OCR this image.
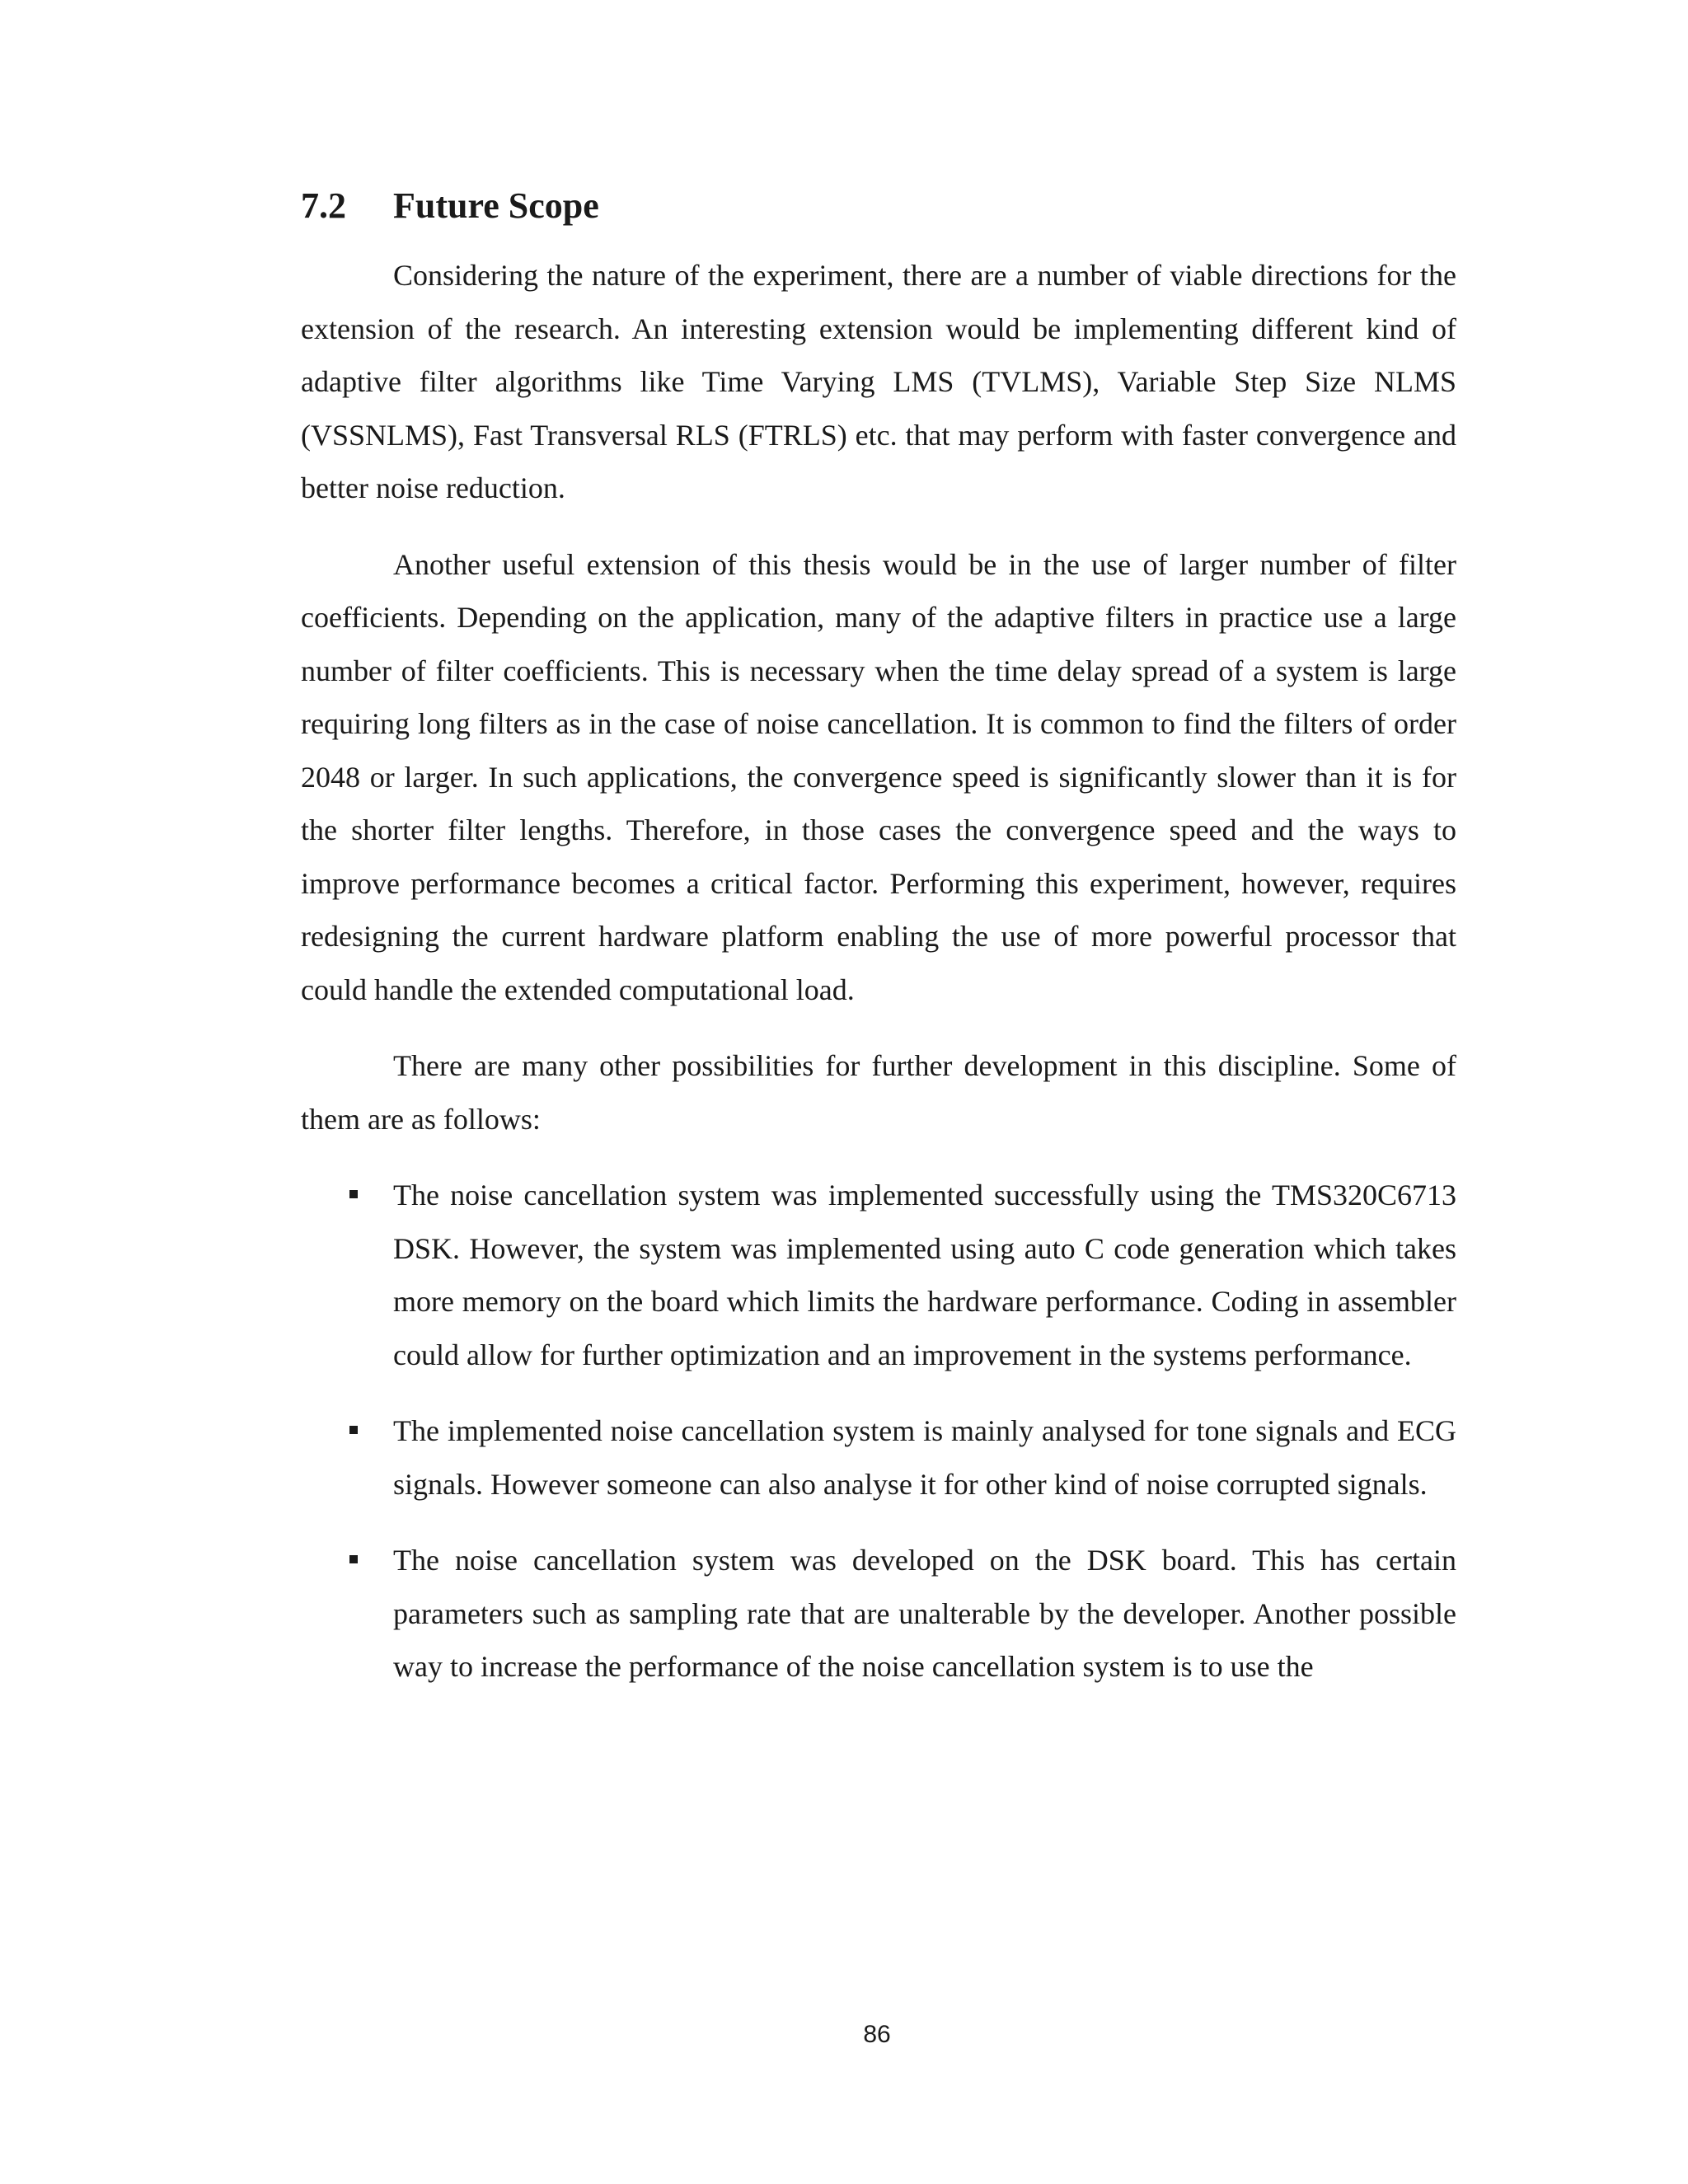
7.2	Future Scope

Considering the nature of the experiment, there are a number of viable directions for the extension of the research. An interesting extension would be implementing different kind of adaptive filter algorithms like Time Varying LMS (TVLMS), Variable Step Size NLMS (VSSNLMS), Fast Transversal RLS (FTRLS) etc. that may perform with faster convergence and better noise reduction.

Another useful extension of this thesis would be in the use of larger number of filter coefficients. Depending on the application, many of the adaptive filters in practice use a large number of filter coefficients. This is necessary when the time delay spread of a system is large requiring long filters as in the case of noise cancellation. It is common to find the filters of order 2048 or larger. In such applications, the convergence speed is significantly slower than it is for the shorter filter lengths. Therefore, in those cases the convergence speed and the ways to improve performance becomes a critical factor. Performing this experiment, however, requires redesigning the current hardware platform enabling the use of more powerful processor that could handle the extended computational load.

There are many other possibilities for further development in this discipline. Some of them are as follows:

The noise cancellation system was implemented successfully using the TMS320C6713 DSK. However, the system was implemented using auto C code generation which takes more memory on the board which limits the hardware performance. Coding in assembler could allow for further optimization and an improvement in the systems performance.
The implemented noise cancellation system is mainly analysed for tone signals and ECG signals. However someone can also analyse it for other kind of noise corrupted signals.
The noise cancellation system was developed on the DSK board. This has certain parameters such as sampling rate that are unalterable by the developer. Another possible way to increase the performance of the noise cancellation system is to use the
86
